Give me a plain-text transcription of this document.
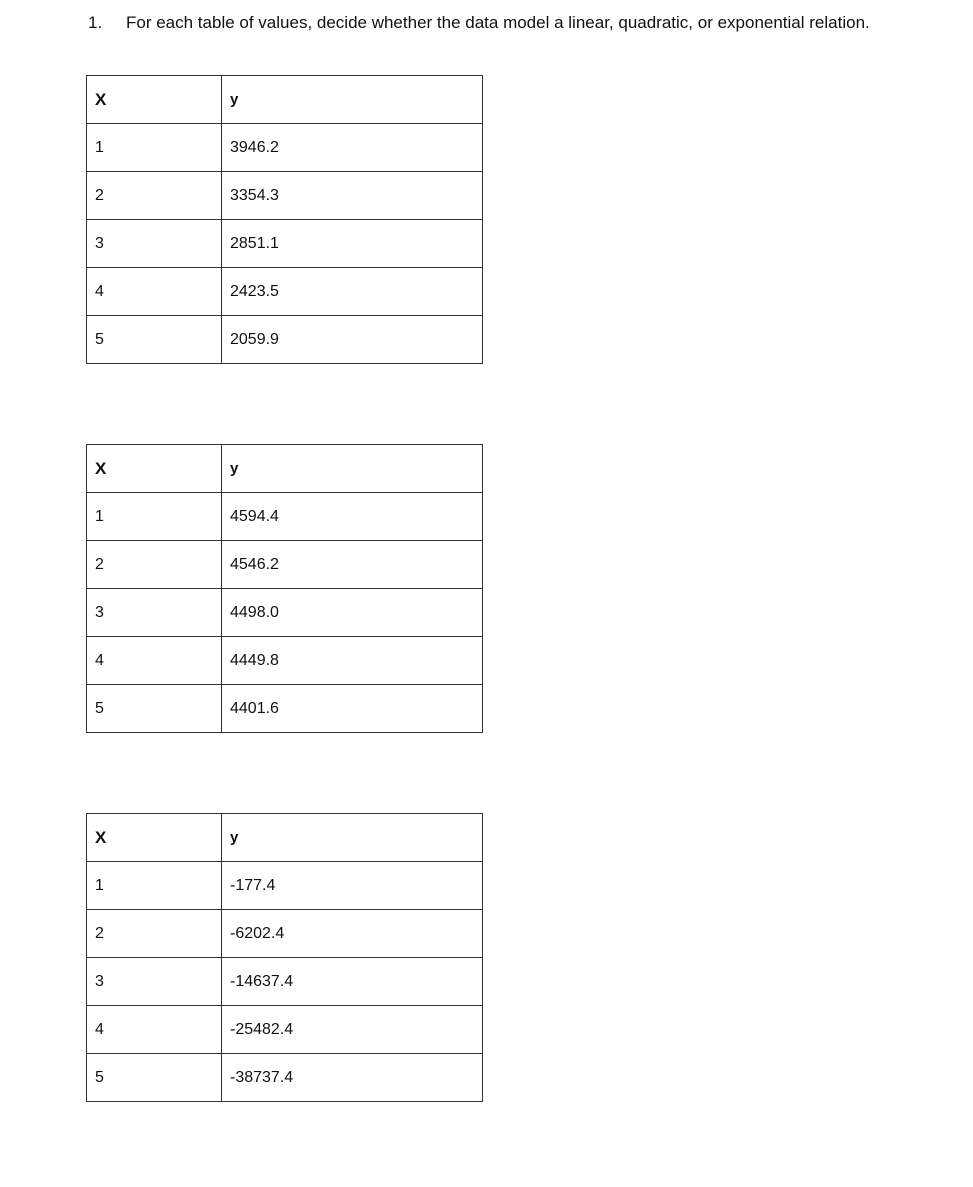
1. For each table of values, decide whether the data model a linear, quadratic, or exponential relation.
X	y
1	3946.2
2	3354.3
3	2851.1
4	2423.5
5	2059.9
X	y
1	4594.4
2	4546.2
3	4498.0
4	4449.8
5	4401.6
X	y
1	-177.4
2	-6202.4
3	-14637.4
4	-25482.4
5	-38737.4
